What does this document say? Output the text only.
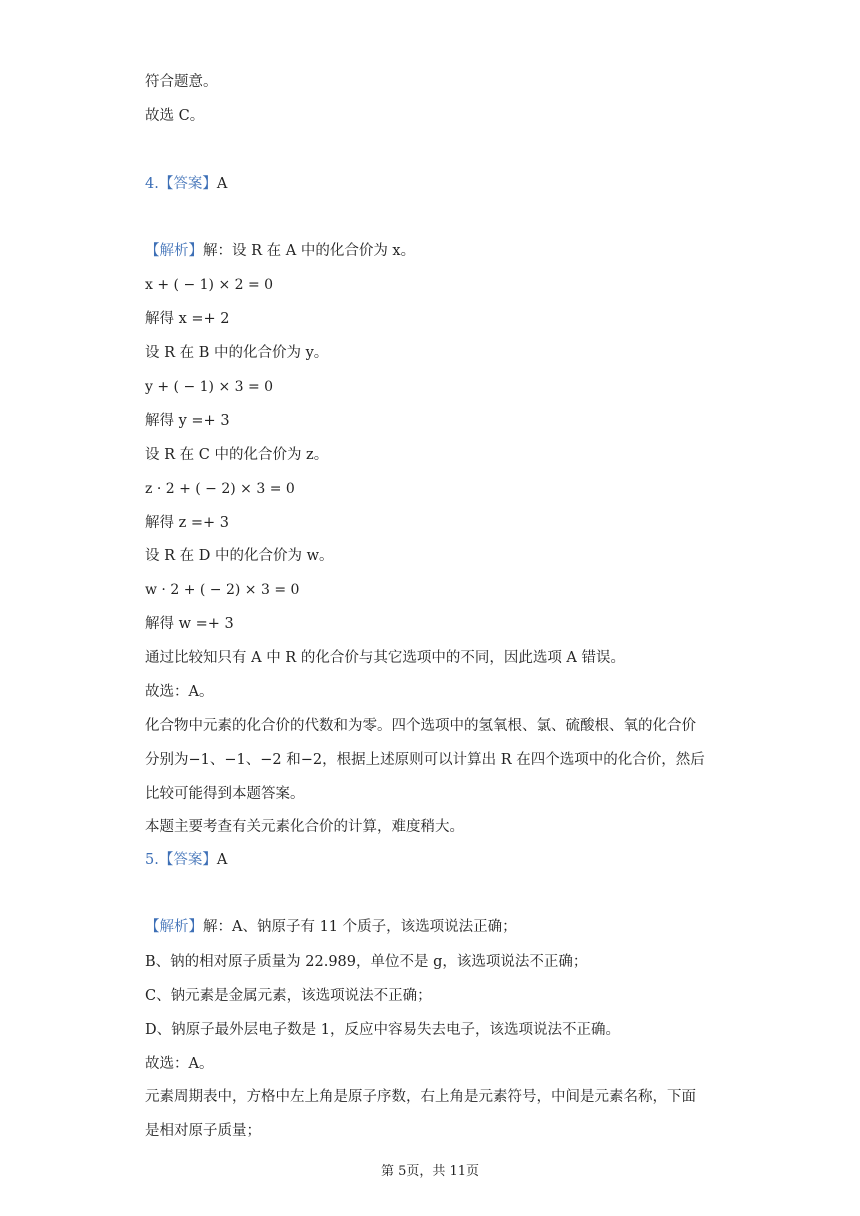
符合题意。
故选 C。
4.【答案】A
【解析】解：设 R 在 A 中的化合价为 x。
x + ( − 1) × 2 = 0
解得 x =+ 2
设 R 在 B 中的化合价为 y。
y + ( − 1) × 3 = 0
解得 y =+ 3
设 R 在 C 中的化合价为 z。
z · 2 + ( − 2) × 3 = 0
解得 z =+ 3
设 R 在 D 中的化合价为 w。
w · 2 + ( − 2) × 3 = 0
解得 w =+ 3
通过比较知只有 A 中 R 的化合价与其它选项中的不同，因此选项 A 错误。
故选：A。
化合物中元素的化合价的代数和为零。四个选项中的氢氧根、氯、硫酸根、氧的化合价
分别为−1、−1、−2 和−2，根据上述原则可以计算出 R 在四个选项中的化合价，然后
比较可能得到本题答案。
本题主要考查有关元素化合价的计算，难度稍大。
5.【答案】A
【解析】解：A、钠原子有 11 个质子，该选项说法正确；
B、钠的相对原子质量为 22.989，单位不是 g，该选项说法不正确；
C、钠元素是金属元素，该选项说法不正确；
D、钠原子最外层电子数是 1，反应中容易失去电子，该选项说法不正确。
故选：A。
元素周期表中，方格中左上角是原子序数，右上角是元素符号，中间是元素名称，下面
是相对原子质量；
第 5页，共 11页
